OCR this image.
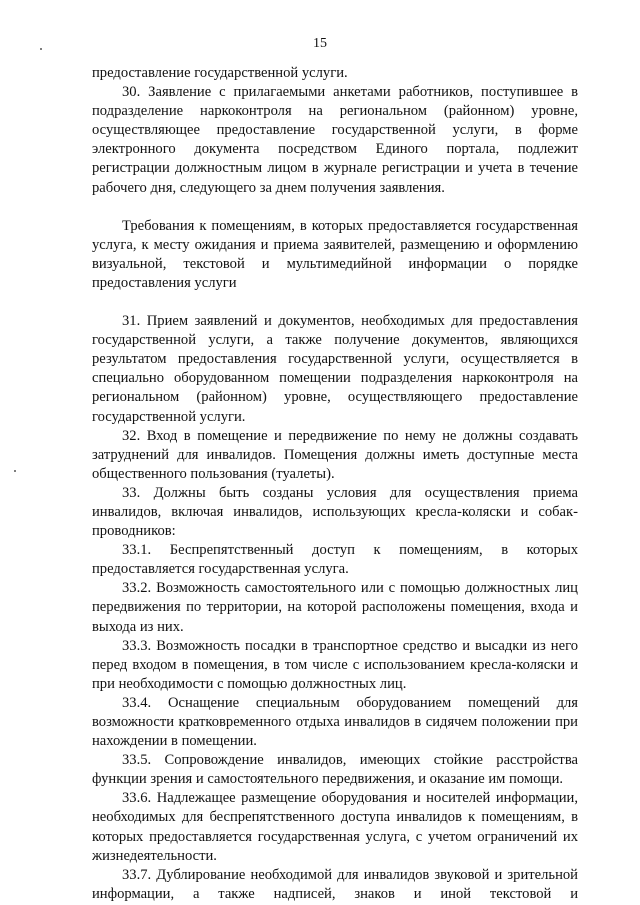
15

предоставление государственной услуги.

30. Заявление с прилагаемыми анкетами работников, поступившее в подразделение наркоконтроля на региональном (районном) уровне, осуществляющее предоставление государственной услуги, в форме электронного документа посредством Единого портала, подлежит регистрации должностным лицом в журнале регистрации и учета в течение рабочего дня, следующего за днем получения заявления.

Требования к помещениям, в которых предоставляется государственная услуга, к месту ожидания и приема заявителей, размещению и оформлению визуальной, текстовой и мультимедийной информации о порядке предоставления услуги

31. Прием заявлений и документов, необходимых для предоставления государственной услуги, а также получение документов, являющихся результатом предоставления государственной услуги, осуществляется в специально оборудованном помещении подразделения наркоконтроля на региональном (районном) уровне, осуществляющего предоставление государственной услуги.

32. Вход в помещение и передвижение по нему не должны создавать затруднений для инвалидов. Помещения должны иметь доступные места общественного пользования (туалеты).

33. Должны быть созданы условия для осуществления приема инвалидов, включая инвалидов, использующих кресла-коляски и собак-проводников:

33.1. Беспрепятственный доступ к помещениям, в которых предоставляется государственная услуга.

33.2. Возможность самостоятельного или с помощью должностных лиц передвижения по территории, на которой расположены помещения, входа и выхода из них.

33.3. Возможность посадки в транспортное средство и высадки из него перед входом в помещения, в том числе с использованием кресла-коляски и при необходимости с помощью должностных лиц.

33.4. Оснащение специальным оборудованием помещений для возможности кратковременного отдыха инвалидов в сидячем положении при нахождении в помещении.

33.5. Сопровождение инвалидов, имеющих стойкие расстройства функции зрения и самостоятельного передвижения, и оказание им помощи.

33.6. Надлежащее размещение оборудования и носителей информации, необходимых для беспрепятственного доступа инвалидов к помещениям, в которых предоставляется государственная услуга, с учетом ограничений их жизнедеятельности.

33.7. Дублирование необходимой для инвалидов звуковой и зрительной информации, а также надписей, знаков и иной текстовой и
